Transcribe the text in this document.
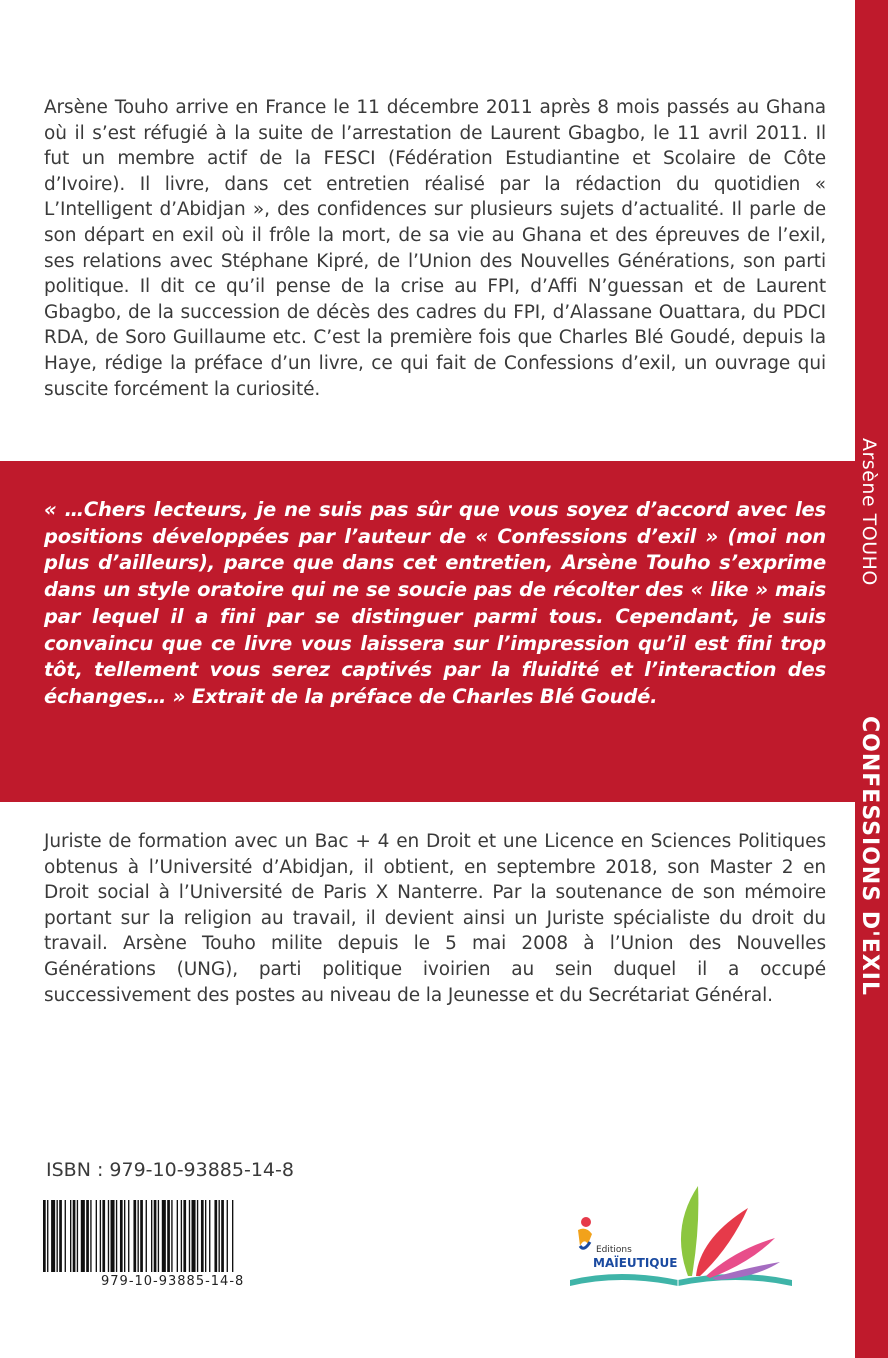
Arsène TOUHO
CONFESSIONS D'EXIL
Arsène Touho arrive en France le 11 décembre 2011 après 8 mois passés au Ghana où il s’est réfugié à la suite de l’arrestation de Laurent Gbagbo, le 11 avril 2011. Il fut un membre actif de la FESCI (Fédération Estudiantine et Scolaire de Côte d’Ivoire). Il livre, dans cet entretien réalisé par la rédaction du quotidien « L’Intelligent d’Abidjan », des confidences sur plusieurs sujets d’actualité. Il parle de son départ en exil où il frôle la mort, de sa vie au Ghana et des épreuves de l’exil, ses relations avec Stéphane Kipré, de l’Union des Nouvelles Générations, son parti politique. Il dit ce qu’il pense de la crise au FPI, d’Affi N’guessan et de Laurent Gbagbo, de la succession de décès des cadres du FPI, d’Alassane Ouattara, du PDCI RDA, de Soro Guillaume etc. C’est la première fois que Charles Blé Goudé, depuis la Haye, rédige la préface d’un livre, ce qui fait de Confessions d’exil, un ouvrage qui suscite forcément la curiosité.
« …Chers lecteurs, je ne suis pas sûr que vous soyez d’accord avec les positions développées par l’auteur de « Confessions d’exil » (moi non plus d’ailleurs), parce que dans cet entretien, Arsène Touho s’exprime dans un style oratoire qui ne se soucie pas de récolter des « like » mais par lequel il a fini par se distinguer parmi tous. Cependant, je suis convaincu que ce livre vous laissera sur l’impression qu’il est fini trop tôt, tellement vous serez captivés par la fluidité et l’interaction des échanges… » Extrait de la préface de Charles Blé Goudé.
Juriste de formation avec un Bac + 4 en Droit et une Licence en Sciences Politiques obtenus à l’Université d’Abidjan, il obtient, en septembre 2018, son Master 2 en Droit social à l’Université de Paris X Nanterre. Par la soutenance de son mémoire portant sur la religion au travail, il devient ainsi un Juriste spécialiste du droit du travail. Arsène Touho milite depuis le 5 mai 2008 à l’Union des Nouvelles Générations (UNG), parti politique ivoirien au sein duquel il a occupé successivement des postes au niveau de la Jeunesse et du Secrétariat Général.
ISBN : 979-10-93885-14-8
979-10-93885-14-8
Editions
MAÏEUTIQUE
